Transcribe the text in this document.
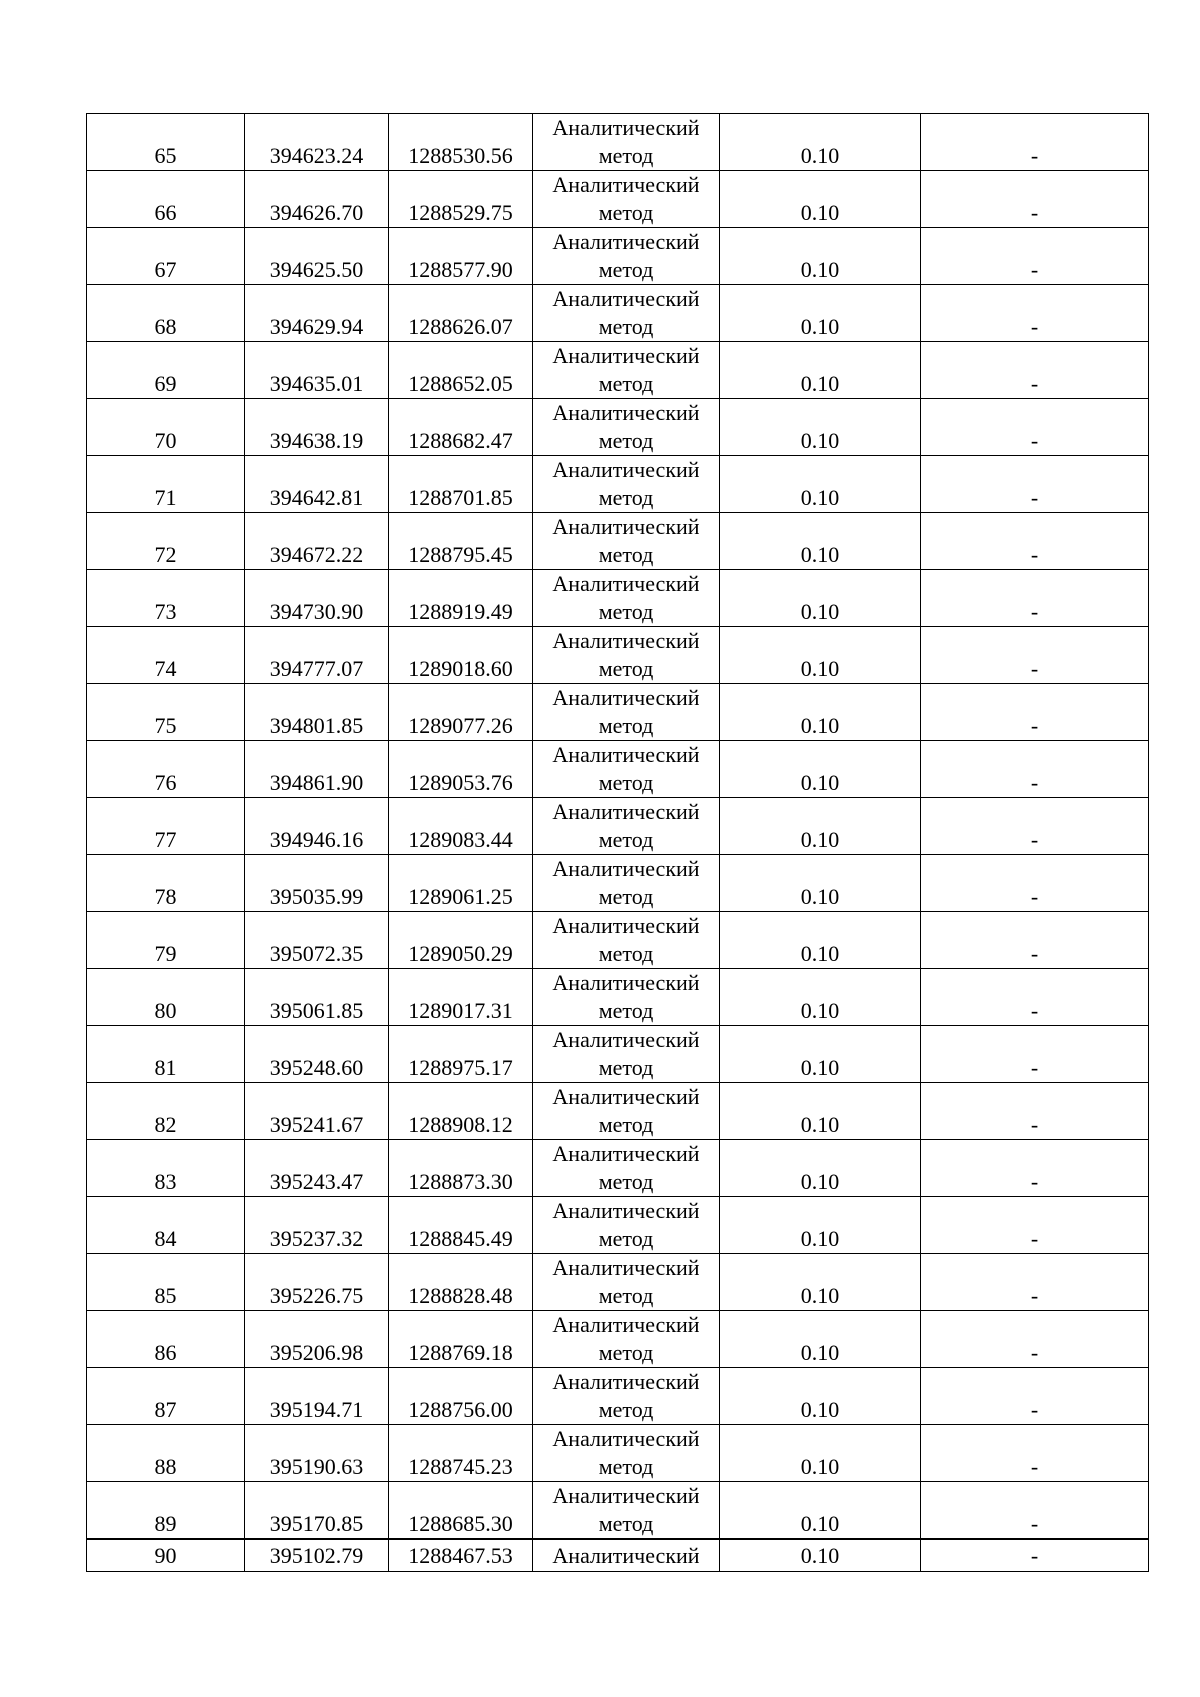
65	394623.24	1288530.56	Аналитический
метод	0.10	-
66	394626.70	1288529.75	Аналитический
метод	0.10	-
67	394625.50	1288577.90	Аналитический
метод	0.10	-
68	394629.94	1288626.07	Аналитический
метод	0.10	-
69	394635.01	1288652.05	Аналитический
метод	0.10	-
70	394638.19	1288682.47	Аналитический
метод	0.10	-
71	394642.81	1288701.85	Аналитический
метод	0.10	-
72	394672.22	1288795.45	Аналитический
метод	0.10	-
73	394730.90	1288919.49	Аналитический
метод	0.10	-
74	394777.07	1289018.60	Аналитический
метод	0.10	-
75	394801.85	1289077.26	Аналитический
метод	0.10	-
76	394861.90	1289053.76	Аналитический
метод	0.10	-
77	394946.16	1289083.44	Аналитический
метод	0.10	-
78	395035.99	1289061.25	Аналитический
метод	0.10	-
79	395072.35	1289050.29	Аналитический
метод	0.10	-
80	395061.85	1289017.31	Аналитический
метод	0.10	-
81	395248.60	1288975.17	Аналитический
метод	0.10	-
82	395241.67	1288908.12	Аналитический
метод	0.10	-
83	395243.47	1288873.30	Аналитический
метод	0.10	-
84	395237.32	1288845.49	Аналитический
метод	0.10	-
85	395226.75	1288828.48	Аналитический
метод	0.10	-
86	395206.98	1288769.18	Аналитический
метод	0.10	-
87	395194.71	1288756.00	Аналитический
метод	0.10	-
88	395190.63	1288745.23	Аналитический
метод	0.10	-
89	395170.85	1288685.30	Аналитический
метод	0.10	-
90	395102.79	1288467.53	Аналитический	0.10	-
